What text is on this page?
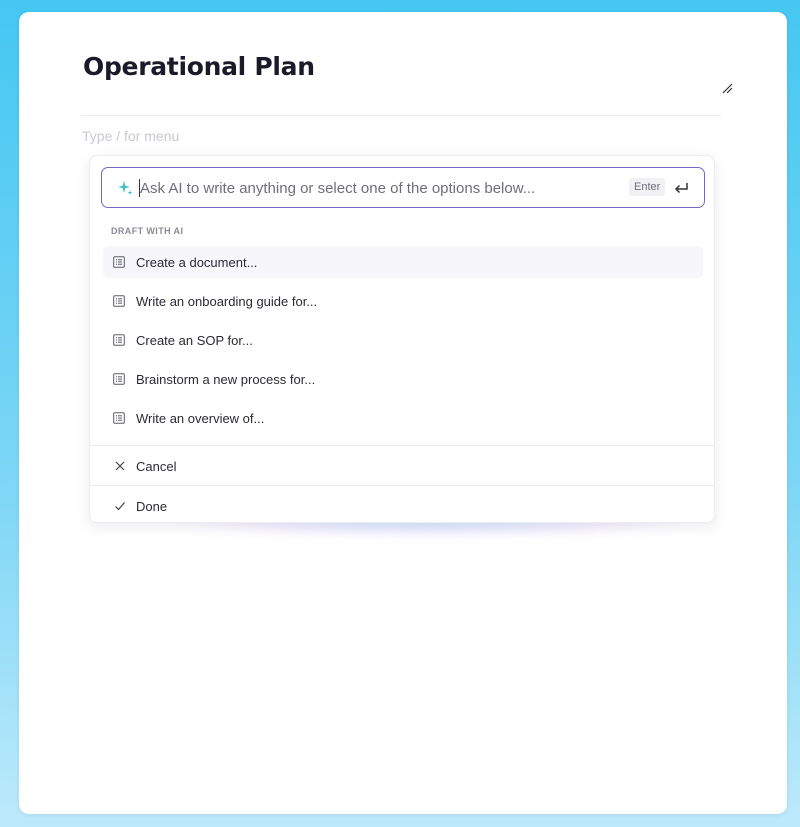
Operational Plan
Type / for menu
Ask AI to write anything or select one of the options below...
Enter
DRAFT WITH AI
Create a document...
Write an onboarding guide for...
Create an SOP for...
Brainstorm a new process for...
Write an overview of...
Cancel
Done
